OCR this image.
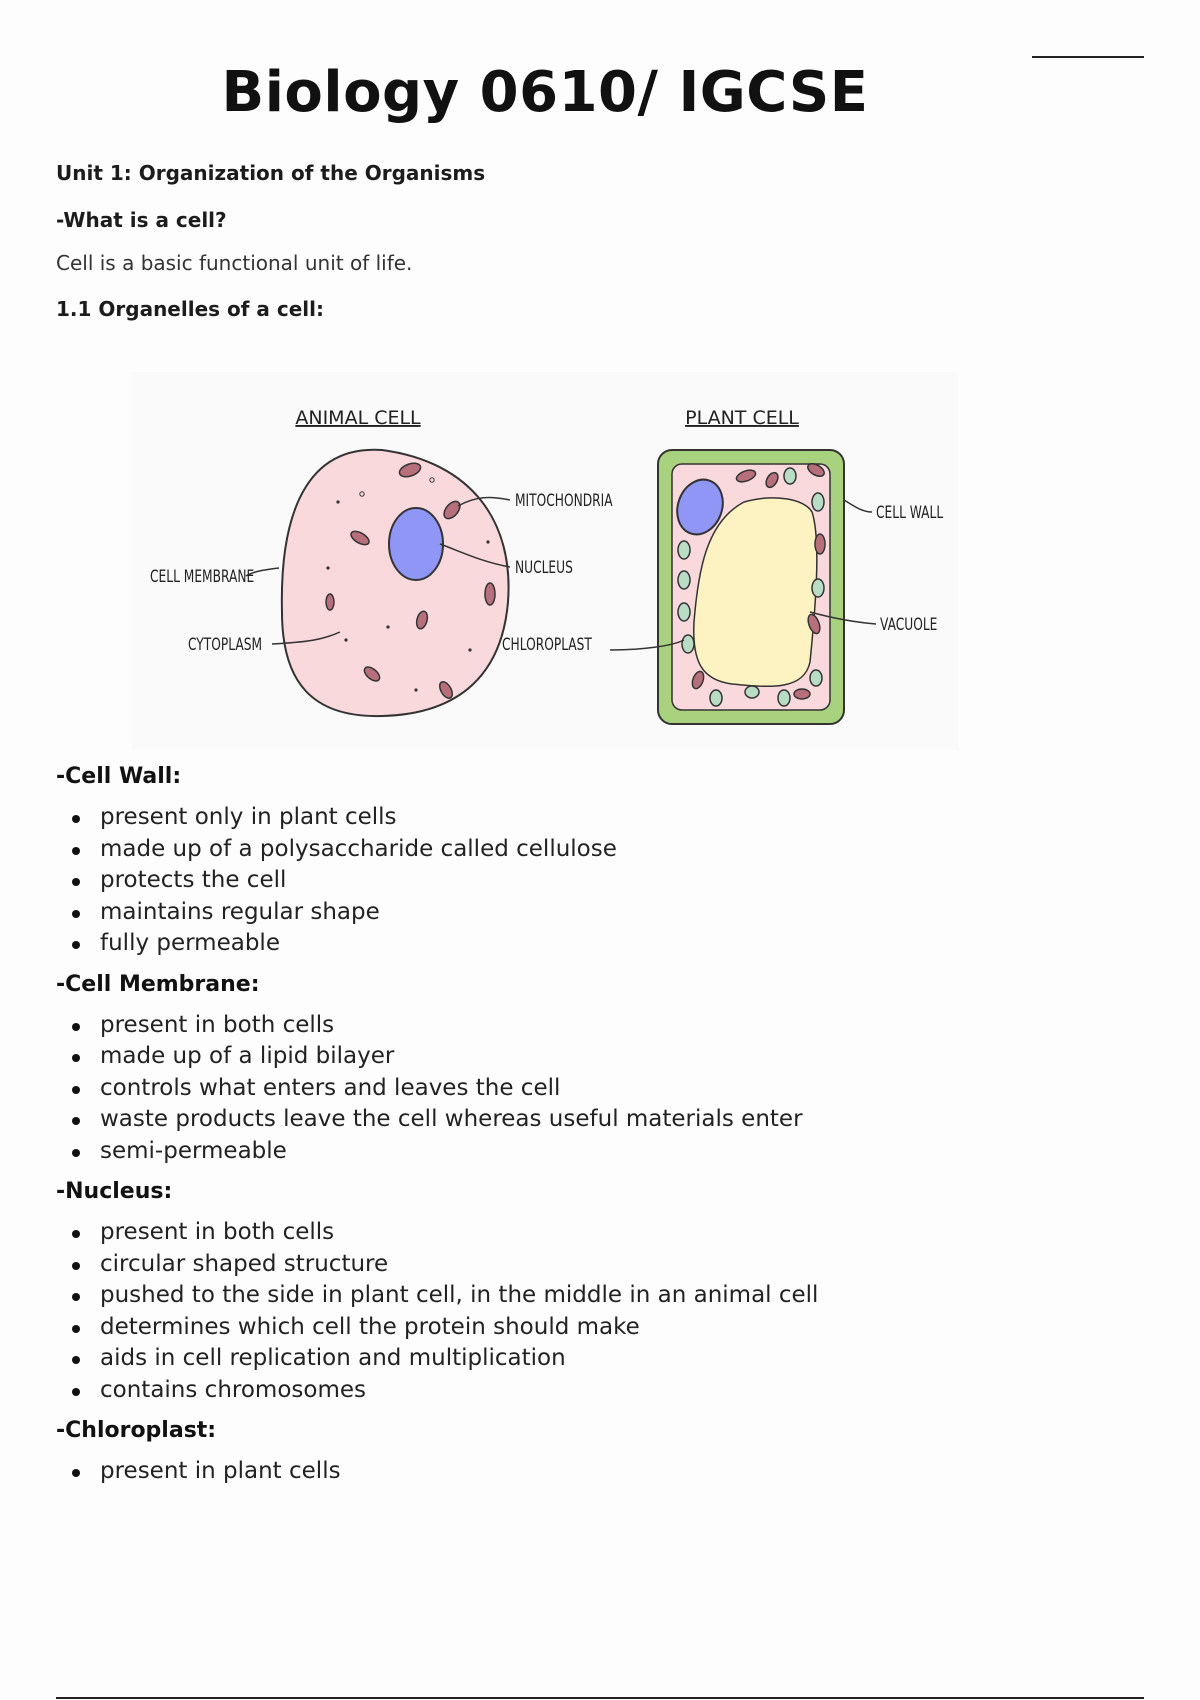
Biology 0610/ IGCSE

Unit 1: Organization of the Organisms

-What is a cell?

Cell is a basic functional unit of life.

1.1 Organelles of a cell:

ANIMAL CELL	PLANT CELL
MITOCHONDRIA
NUCLEUS
CELL MEMBRANE
CYTOPLASM	CHLOROPLAST
CELL WALL
VACUOLE
-Cell Wall:
present only in plant cells
made up of a polysaccharide called cellulose
protects the cell
maintains regular shape
fully permeable
-Cell Membrane:
present in both cells
made up of a lipid bilayer
controls what enters and leaves the cell
waste products leave the cell whereas useful materials enter
semi-permeable
-Nucleus:
present in both cells
circular shaped structure
pushed to the side in plant cell, in the middle in an animal cell
determines which cell the protein should make
aids in cell replication and multiplication
contains chromosomes
-Chloroplast:
present in plant cells
